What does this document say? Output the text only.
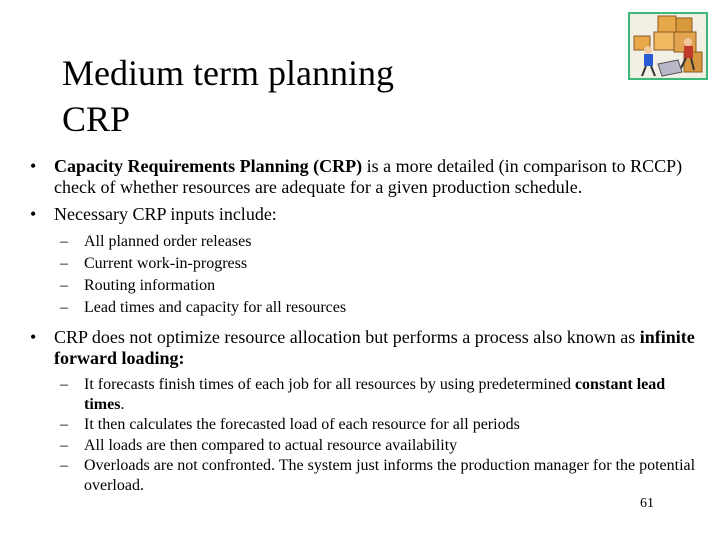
Medium term planning
CRP
• Capacity Requirements Planning (CRP) is a more detailed (in comparison to RCCP) check of whether resources are adequate for a given production schedule.
• Necessary CRP inputs include:
– All planned order releases
– Current work-in-progress
– Routing information
– Lead times and capacity for all resources
• CRP does not optimize resource allocation but performs a process also known as infinite forward loading:
– It forecasts finish times of each job for all resources by using predetermined constant lead times.
– It then calculates the forecasted load of each resource for all periods
– All loads are then compared to actual resource availability
– Overloads are not confronted. The system just informs the production manager for the potential overload.
61
